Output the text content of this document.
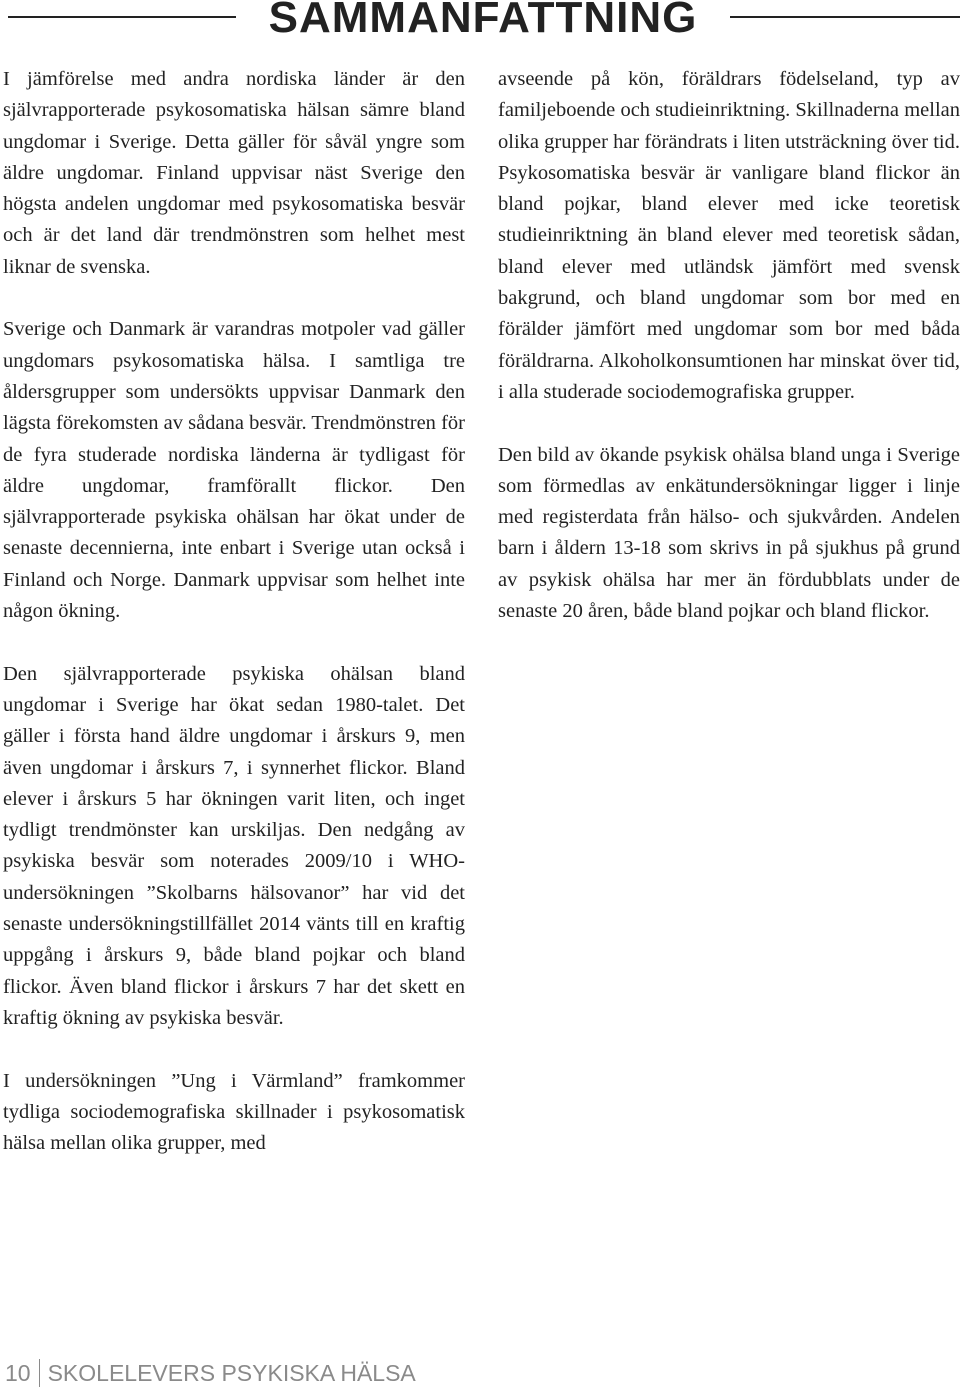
SAMMANFATTNING

I jämförelse med andra nordiska länder är den självrapporterade psykosomatiska hälsan sämre bland ungdomar i Sverige. Detta gäller för såväl yngre som äldre ungdomar. Finland uppvisar näst Sverige den högsta andelen ungdomar med psykosomatiska besvär och är det land där trendmönstren som helhet mest liknar de svenska.

Sverige och Danmark är varandras motpoler vad gäller ungdomars psykosomatiska hälsa. I samtliga tre åldersgrupper som undersökts uppvisar Danmark den lägsta förekomsten av sådana besvär. Trendmönstren för de fyra studerade nordiska länderna är tydligast för äldre ungdomar, framförallt flickor. Den självrapporterade psykiska ohälsan har ökat under de senaste decennierna, inte enbart i Sverige utan också i Finland och Norge. Danmark uppvisar som helhet inte någon ökning.

Den självrapporterade psykiska ohälsan bland ungdomar i Sverige har ökat sedan 1980-talet. Det gäller i första hand äldre ungdomar i årskurs 9, men även ungdomar i årskurs 7, i synnerhet flickor. Bland elever i årskurs 5 har ökningen varit liten, och inget tydligt trendmönster kan urskiljas. Den nedgång av psykiska besvär som noterades 2009/10 i WHO-undersökningen ”Skolbarns hälsovanor” har vid det senaste undersökningstillfället 2014 vänts till en kraftig uppgång i årskurs 9, både bland pojkar och bland flickor. Även bland flickor i årskurs 7 har det skett en kraftig ökning av psykiska besvär.

I undersökningen ”Ung i Värmland” framkommer tydliga sociodemografiska skillnader i psykosomatisk hälsa mellan olika grupper, med

avseende på kön, föräldrars födelseland, typ av familjeboende och studieinriktning. Skillnaderna mellan olika grupper har förändrats i liten utsträckning över tid. Psykosomatiska besvär är vanligare bland flickor än bland pojkar, bland elever med icke teoretisk studieinriktning än bland elever med teoretisk sådan, bland elever med utländsk jämfört med svensk bakgrund, och bland ungdomar som bor med en förälder jämfört med ungdomar som bor med båda föräldrarna. Alkoholkonsumtionen har minskat över tid, i alla studerade sociodemografiska grupper.

Den bild av ökande psykisk ohälsa bland unga i Sverige som förmedlas av enkätundersökningar ligger i linje med registerdata från hälso- och sjukvården. Andelen barn i åldern 13-18 som skrivs in på sjukhus på grund av psykisk ohälsa har mer än fördubblats under de senaste 20 åren, både bland pojkar och bland flickor.

10 SKOLELEVERS PSYKISKA HÄLSA
